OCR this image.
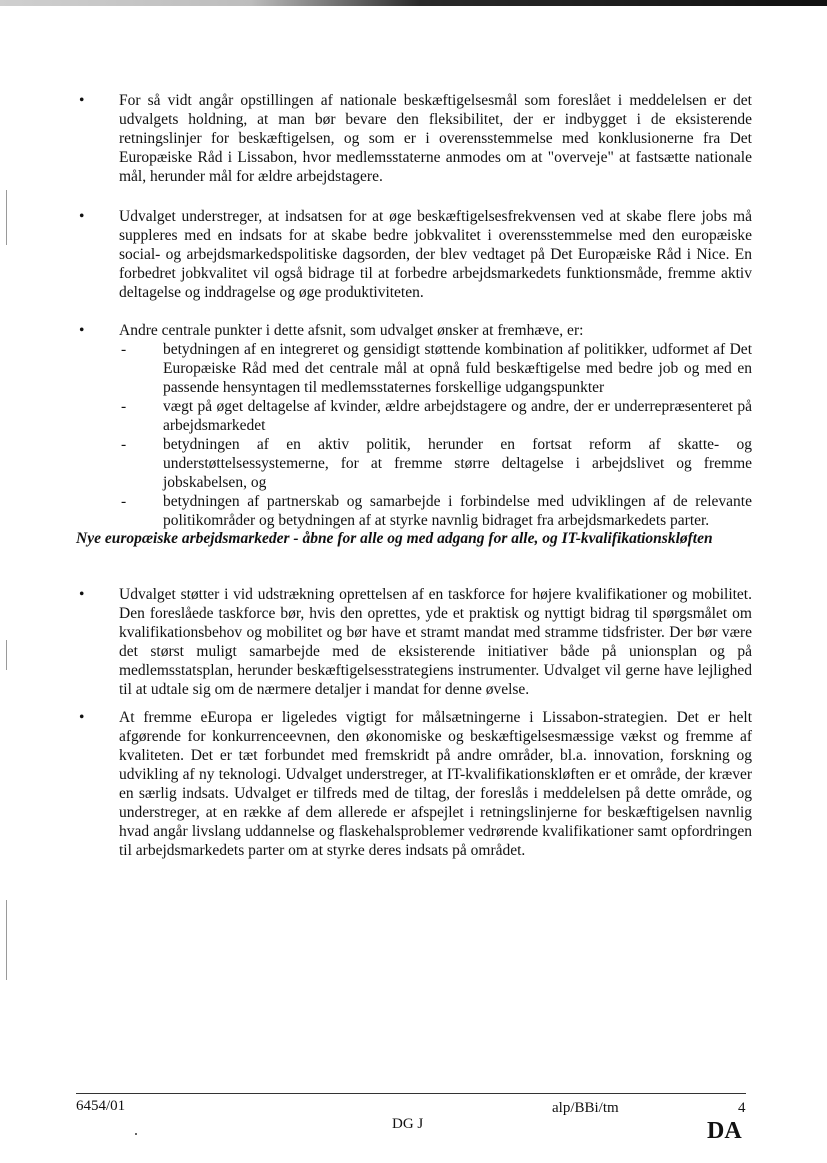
•	For så vidt angår opstillingen af nationale beskæftigelsesmål som foreslået i meddelelsen er det udvalgets holdning, at man bør bevare den fleksibilitet, der er indbygget i de eksisterende retningslinjer for beskæftigelsen, og som er i overensstemmelse med konklusionerne fra Det Europæiske Råd i Lissabon, hvor medlemsstaterne anmodes om at "overveje" at fastsætte nationale mål, herunder mål for ældre arbejdstagere.
•	Udvalget understreger, at indsatsen for at øge beskæftigelsesfrekvensen ved at skabe flere jobs må suppleres med en indsats for at skabe bedre jobkvalitet i overensstemmelse med den europæiske social- og arbejdsmarkedspolitiske dagsorden, der blev vedtaget på Det Europæiske Råd i Nice. En forbedret jobkvalitet vil også bidrage til at forbedre arbejdsmarkedets funktionsmåde, fremme aktiv deltagelse og inddragelse og øge produktiviteten.
•	Andre centrale punkter i dette afsnit, som udvalget ønsker at fremhæve, er:
-	betydningen af en integreret og gensidigt støttende kombination af politikker, udformet af Det Europæiske Råd med det centrale mål at opnå fuld beskæftigelse med bedre job og med en passende hensyntagen til medlemsstaternes forskellige udgangspunkter
-	vægt på øget deltagelse af kvinder, ældre arbejdstagere og andre, der er underrepræsenteret på arbejdsmarkedet
-	betydningen af en aktiv politik, herunder en fortsat reform af skatte- og understøttelsessystemerne, for at fremme større deltagelse i arbejdslivet og fremme jobskabelsen, og
-	betydningen af partnerskab og samarbejde i forbindelse med udviklingen af de relevante politikområder og betydningen af at styrke navnlig bidraget fra arbejdsmarkedets parter.
Nye europæiske arbejdsmarkeder - åbne for alle og med adgang for alle, og IT-kvalifikationskløften
•	Udvalget støtter i vid udstrækning oprettelsen af en taskforce for højere kvalifikationer og mobilitet. Den foreslåede taskforce bør, hvis den oprettes, yde et praktisk og nyttigt bidrag til spørgsmålet om kvalifikationsbehov og mobilitet og bør have et stramt mandat med stramme tidsfrister. Der bør være det størst muligt samarbejde med de eksisterende initiativer både på unionsplan og på medlemsstatsplan, herunder beskæftigelsesstrategiens instrumenter. Udvalget vil gerne have lejlighed til at udtale sig om de nærmere detaljer i mandat for denne øvelse.
•	At fremme eEuropa er ligeledes vigtigt for målsætningerne i Lissabon-strategien. Det er helt afgørende for konkurrenceevnen, den økonomiske og beskæftigelsesmæssige vækst og fremme af kvaliteten. Det er tæt forbundet med fremskridt på andre områder, bl.a. innovation, forskning og udvikling af ny teknologi. Udvalget understreger, at IT-kvalifikationskløften er et område, der kræver en særlig indsats. Udvalget er tilfreds med de tiltag, der foreslås i meddelelsen på dette område, og understreger, at en række af dem allerede er afspejlet i retningslinjerne for beskæftigelsen navnlig hvad angår livslang uddannelse og flaskehalsproblemer vedrørende kvalifikationer samt opfordringen til arbejdsmarkedets parter om at styrke deres indsats på området.
6454/01
DG J
alp/BBi/tm	4
DA
